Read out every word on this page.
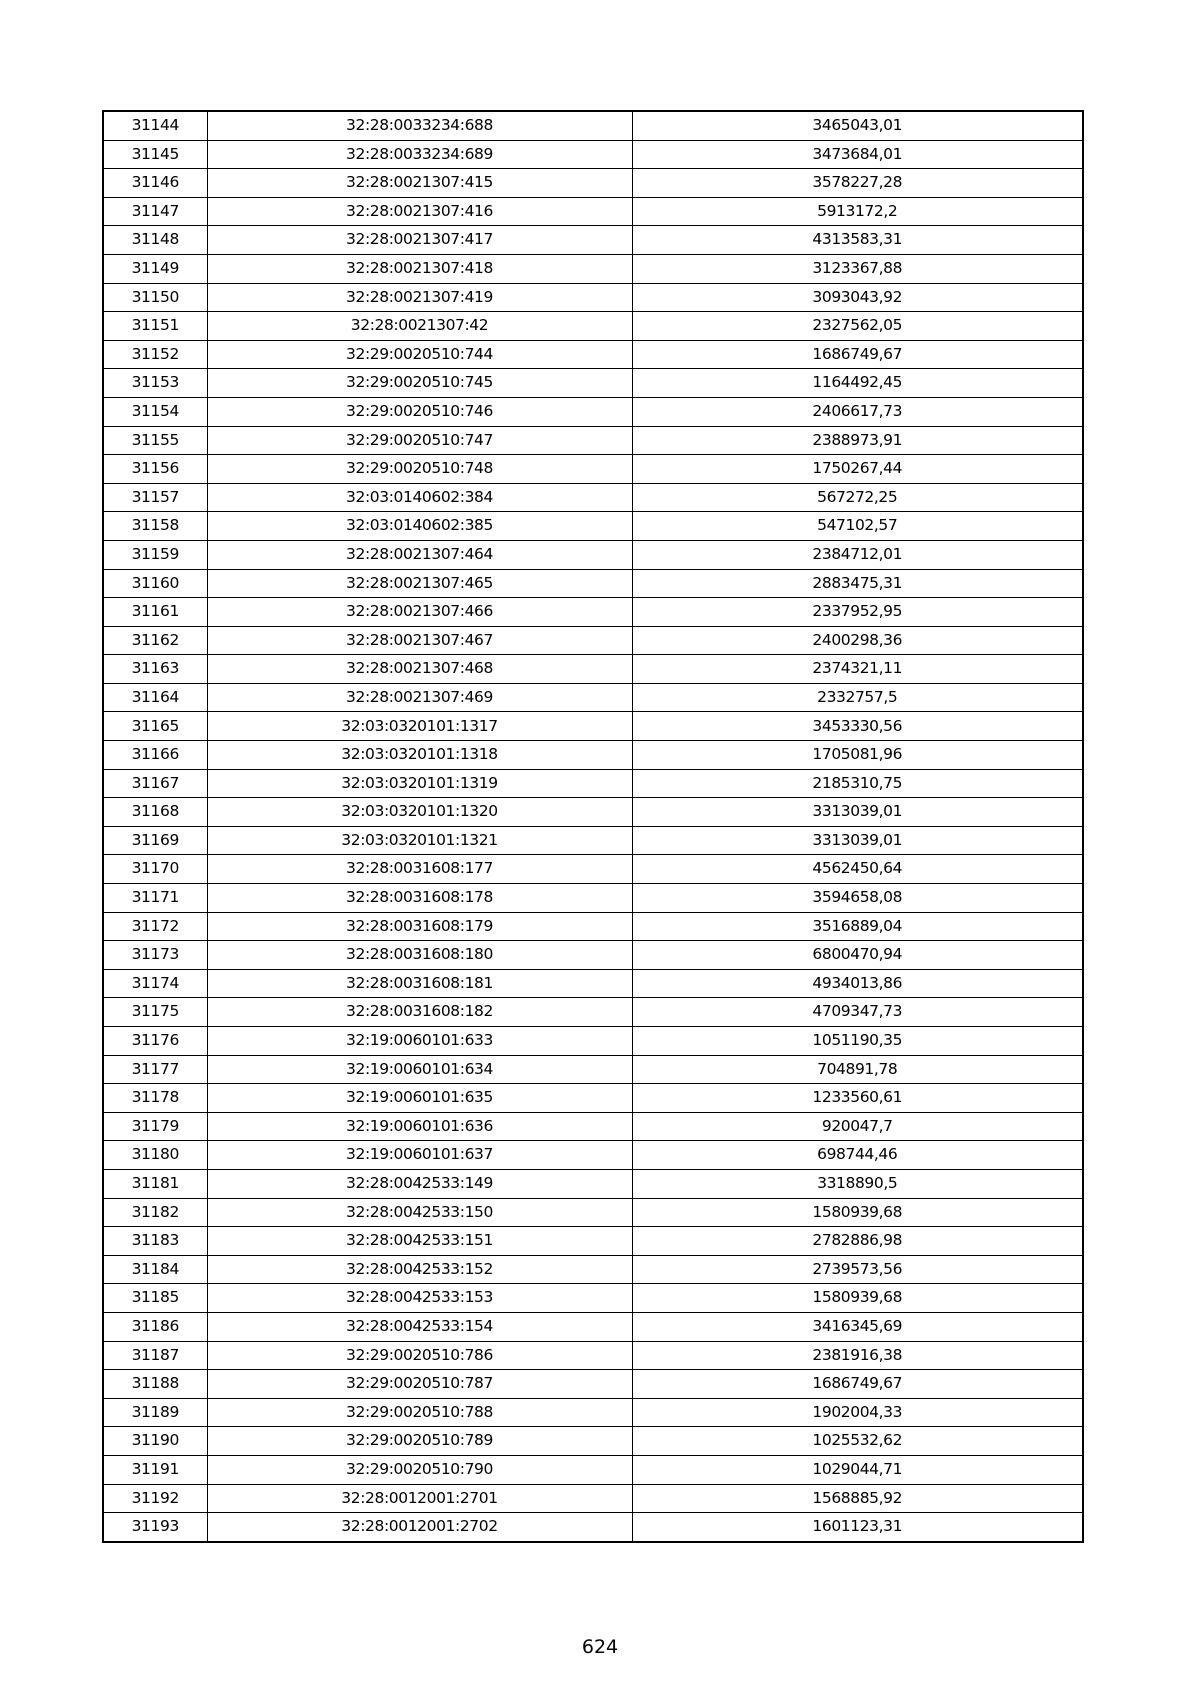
31144	32:28:0033234:688	3465043,01
31145	32:28:0033234:689	3473684,01
31146	32:28:0021307:415	3578227,28
31147	32:28:0021307:416	5913172,2
31148	32:28:0021307:417	4313583,31
31149	32:28:0021307:418	3123367,88
31150	32:28:0021307:419	3093043,92
31151	32:28:0021307:42	2327562,05
31152	32:29:0020510:744	1686749,67
31153	32:29:0020510:745	1164492,45
31154	32:29:0020510:746	2406617,73
31155	32:29:0020510:747	2388973,91
31156	32:29:0020510:748	1750267,44
31157	32:03:0140602:384	567272,25
31158	32:03:0140602:385	547102,57
31159	32:28:0021307:464	2384712,01
31160	32:28:0021307:465	2883475,31
31161	32:28:0021307:466	2337952,95
31162	32:28:0021307:467	2400298,36
31163	32:28:0021307:468	2374321,11
31164	32:28:0021307:469	2332757,5
31165	32:03:0320101:1317	3453330,56
31166	32:03:0320101:1318	1705081,96
31167	32:03:0320101:1319	2185310,75
31168	32:03:0320101:1320	3313039,01
31169	32:03:0320101:1321	3313039,01
31170	32:28:0031608:177	4562450,64
31171	32:28:0031608:178	3594658,08
31172	32:28:0031608:179	3516889,04
31173	32:28:0031608:180	6800470,94
31174	32:28:0031608:181	4934013,86
31175	32:28:0031608:182	4709347,73
31176	32:19:0060101:633	1051190,35
31177	32:19:0060101:634	704891,78
31178	32:19:0060101:635	1233560,61
31179	32:19:0060101:636	920047,7
31180	32:19:0060101:637	698744,46
31181	32:28:0042533:149	3318890,5
31182	32:28:0042533:150	1580939,68
31183	32:28:0042533:151	2782886,98
31184	32:28:0042533:152	2739573,56
31185	32:28:0042533:153	1580939,68
31186	32:28:0042533:154	3416345,69
31187	32:29:0020510:786	2381916,38
31188	32:29:0020510:787	1686749,67
31189	32:29:0020510:788	1902004,33
31190	32:29:0020510:789	1025532,62
31191	32:29:0020510:790	1029044,71
31192	32:28:0012001:2701	1568885,92
31193	32:28:0012001:2702	1601123,31
624
